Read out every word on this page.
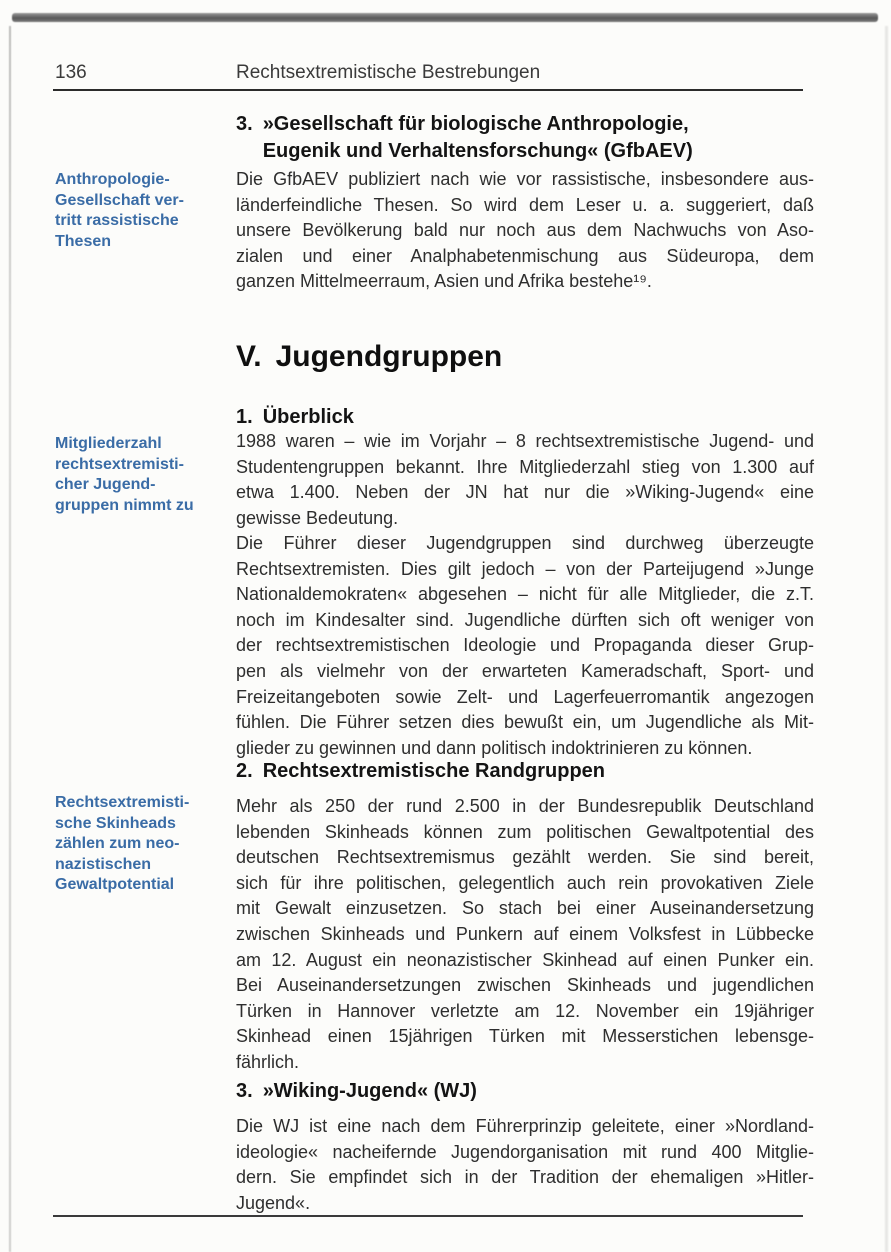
136	Rechtsextremistische Bestrebungen
3. »Gesellschaft für biologische Anthropologie,
Eugenik und Verhaltensforschung« (GfbAEV)
Anthropologie-
Gesellschaft ver-
tritt rassistische
Thesen
Die GfbAEV publiziert nach wie vor rassistische, insbesondere aus-
länderfeindliche Thesen. So wird dem Leser u. a. suggeriert, daß
unsere Bevölkerung bald nur noch aus dem Nachwuchs von Aso-
zialen und einer Analphabetenmischung aus Südeuropa, dem
ganzen Mittelmeerraum, Asien und Afrika bestehe¹⁹.
V. Jugendgruppen
1. Überblick
Mitgliederzahl
rechtsextremisti-
cher Jugend-
gruppen nimmt zu
1988 waren – wie im Vorjahr – 8 rechtsextremistische Jugend- und
Studentengruppen bekannt. Ihre Mitgliederzahl stieg von 1.300 auf
etwa 1.400. Neben der JN hat nur die »Wiking-Jugend« eine
gewisse Bedeutung.
Die Führer dieser Jugendgruppen sind durchweg überzeugte
Rechtsextremisten. Dies gilt jedoch – von der Parteijugend »Junge
Nationaldemokraten« abgesehen – nicht für alle Mitglieder, die z.T.
noch im Kindesalter sind. Jugendliche dürften sich oft weniger von
der rechtsextremistischen Ideologie und Propaganda dieser Grup-
pen als vielmehr von der erwarteten Kameradschaft, Sport- und
Freizeitangeboten sowie Zelt- und Lagerfeuerromantik angezogen
fühlen. Die Führer setzen dies bewußt ein, um Jugendliche als Mit-
glieder zu gewinnen und dann politisch indoktrinieren zu können.
2. Rechtsextremistische Randgruppen
Rechtsextremisti-
sche Skinheads
zählen zum neo-
nazistischen
Gewaltpotential
Mehr als 250 der rund 2.500 in der Bundesrepublik Deutschland
lebenden Skinheads können zum politischen Gewaltpotential des
deutschen Rechtsextremismus gezählt werden. Sie sind bereit,
sich für ihre politischen, gelegentlich auch rein provokativen Ziele
mit Gewalt einzusetzen. So stach bei einer Auseinandersetzung
zwischen Skinheads und Punkern auf einem Volksfest in Lübbecke
am 12. August ein neonazistischer Skinhead auf einen Punker ein.
Bei Auseinandersetzungen zwischen Skinheads und jugendlichen
Türken in Hannover verletzte am 12. November ein 19jähriger
Skinhead einen 15jährigen Türken mit Messerstichen lebensge-
fährlich.
3. »Wiking-Jugend« (WJ)
Die WJ ist eine nach dem Führerprinzip geleitete, einer »Nordland-
ideologie« nacheifernde Jugendorganisation mit rund 400 Mitglie-
dern. Sie empfindet sich in der Tradition der ehemaligen »Hitler-
Jugend«.
